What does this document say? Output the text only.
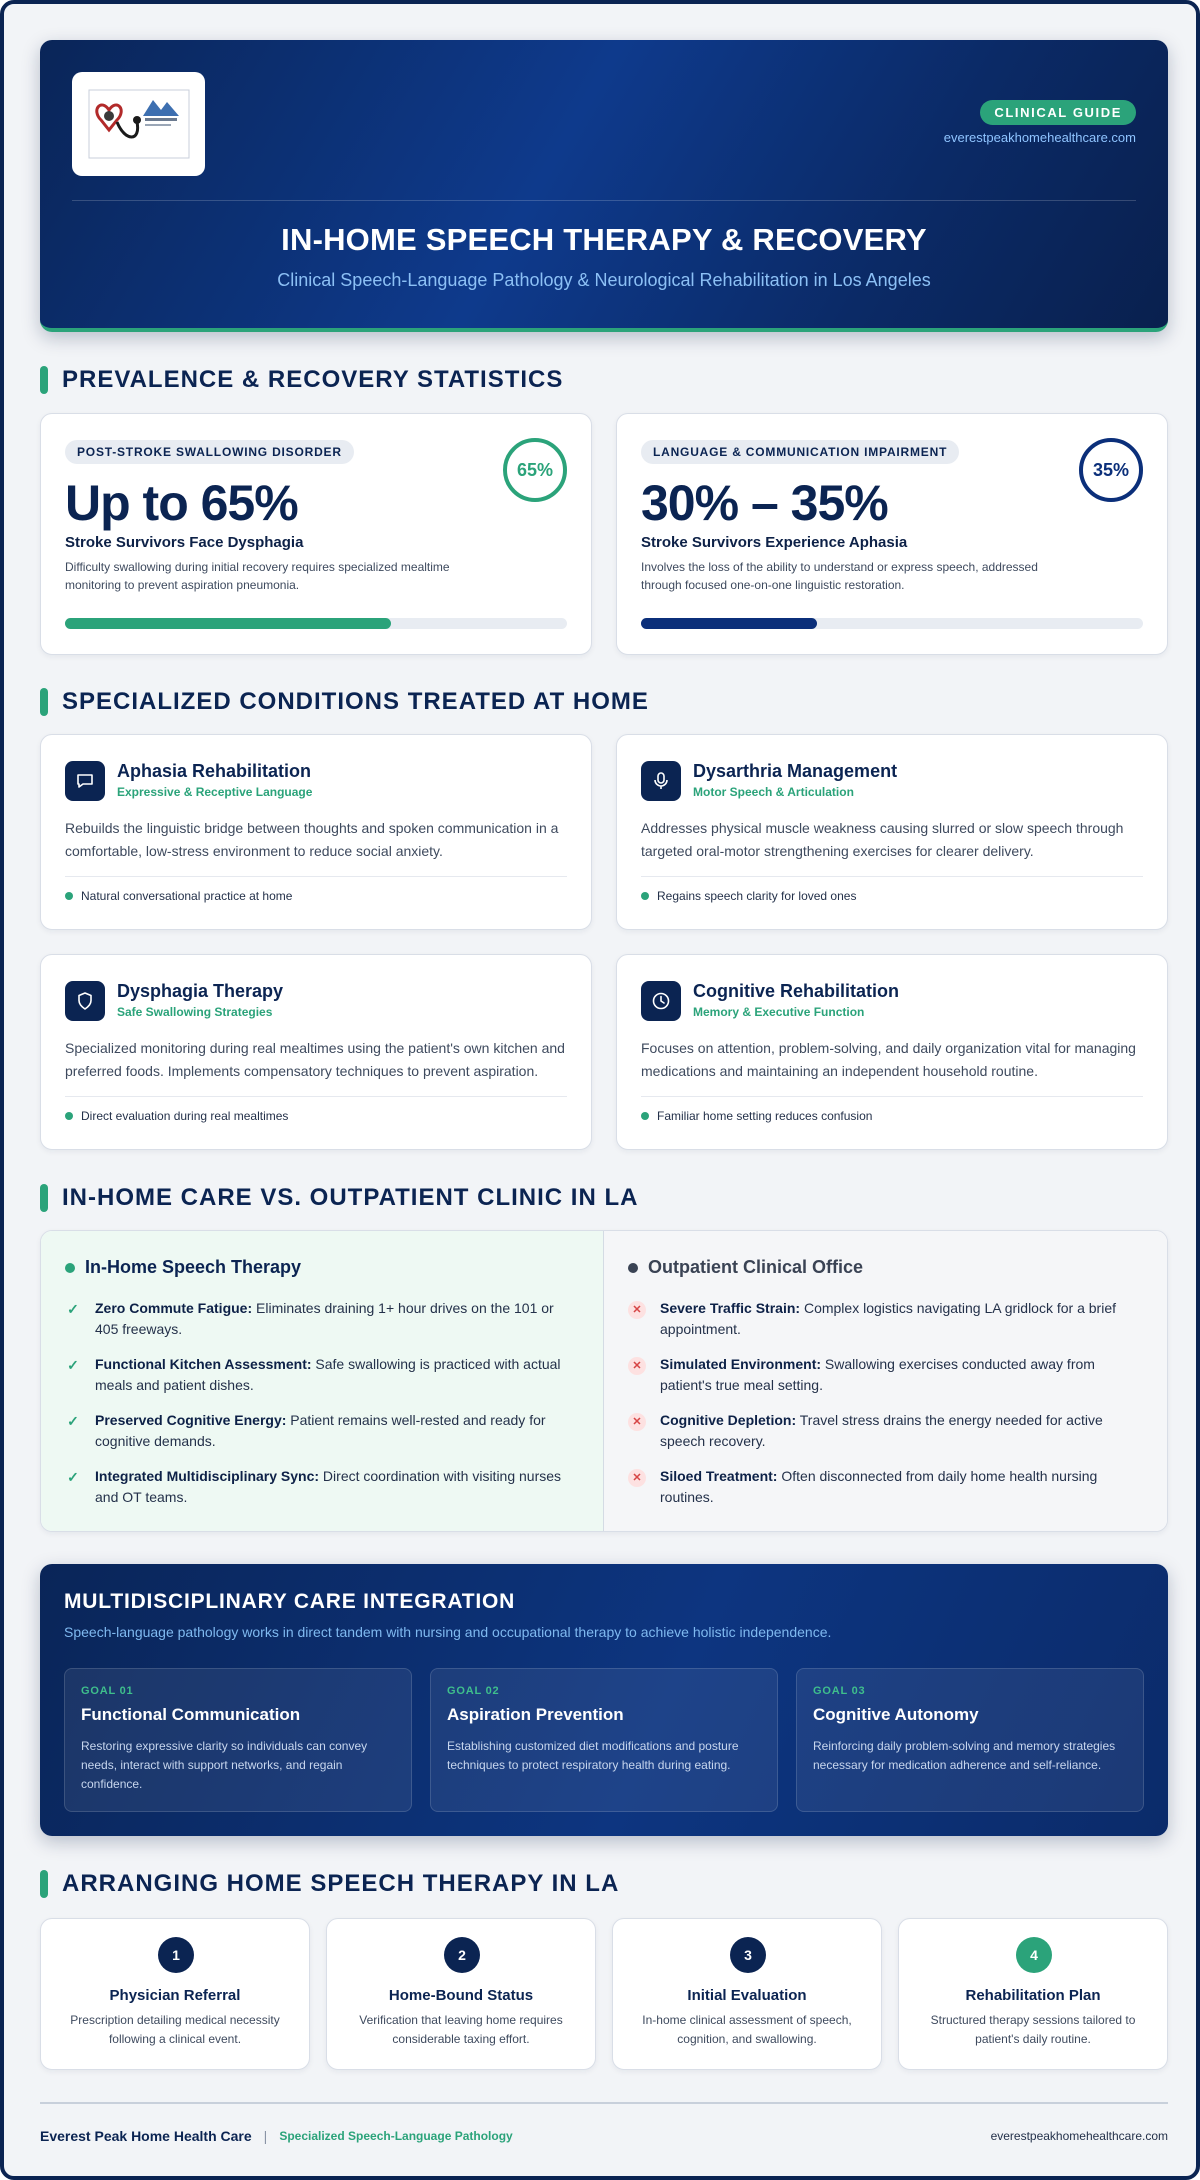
CLINICAL GUIDE
everestpeakhomehealthcare.com
IN-HOME SPEECH THERAPY & RECOVERY
Clinical Speech-Language Pathology & Neurological Rehabilitation in Los Angeles
PREVALENCE & RECOVERY STATISTICS
POST-STROKE SWALLOWING DISORDER
65%
Up to 65%
Stroke Survivors Face Dysphagia
Difficulty swallowing during initial recovery requires specialized mealtime monitoring to prevent aspiration pneumonia.
LANGUAGE & COMMUNICATION IMPAIRMENT
35%
30% – 35%
Stroke Survivors Experience Aphasia
Involves the loss of the ability to understand or express speech, addressed through focused one-on-one linguistic restoration.
SPECIALIZED CONDITIONS TREATED AT HOME
Aphasia Rehabilitation
Expressive & Receptive Language
Rebuilds the linguistic bridge between thoughts and spoken communication in a comfortable, low-stress environment to reduce social anxiety.
Natural conversational practice at home
Dysarthria Management
Motor Speech & Articulation
Addresses physical muscle weakness causing slurred or slow speech through targeted oral-motor strengthening exercises for clearer delivery.
Regains speech clarity for loved ones
Dysphagia Therapy
Safe Swallowing Strategies
Specialized monitoring during real mealtimes using the patient's own kitchen and preferred foods. Implements compensatory techniques to prevent aspiration.
Direct evaluation during real mealtimes
Cognitive Rehabilitation
Memory & Executive Function
Focuses on attention, problem-solving, and daily organization vital for managing medications and maintaining an independent household routine.
Familiar home setting reduces confusion
IN-HOME CARE VS. OUTPATIENT CLINIC IN LA
In-Home Speech Therapy
✓ Zero Commute Fatigue: Eliminates draining 1+ hour drives on the 101 or 405 freeways.
✓ Functional Kitchen Assessment: Safe swallowing is practiced with actual meals and patient dishes.
✓ Preserved Cognitive Energy: Patient remains well-rested and ready for cognitive demands.
✓ Integrated Multidisciplinary Sync: Direct coordination with visiting nurses and OT teams.
Outpatient Clinical Office
✕	Severe Traffic Strain: Complex logistics navigating LA gridlock for a brief appointment.
✕	Simulated Environment: Swallowing exercises conducted away from patient's true meal setting.
✕	Cognitive Depletion: Travel stress drains the energy needed for active speech recovery.
✕	Siloed Treatment: Often disconnected from daily home health nursing routines.
MULTIDISCIPLINARY CARE INTEGRATION
Speech-language pathology works in direct tandem with nursing and occupational therapy to achieve holistic independence.
GOAL 01
Functional Communication
Restoring expressive clarity so individuals can convey needs, interact with support networks, and regain confidence.
GOAL 02
Aspiration Prevention
Establishing customized diet modifications and posture techniques to protect respiratory health during eating.
GOAL 03
Cognitive Autonomy
Reinforcing daily problem-solving and memory strategies necessary for medication adherence and self-reliance.
ARRANGING HOME SPEECH THERAPY IN LA
1
Physician Referral
Prescription detailing medical necessity following a clinical event.
2
Home-Bound Status
Verification that leaving home requires considerable taxing effort.
3
Initial Evaluation
In-home clinical assessment of speech, cognition, and swallowing.
4
Rehabilitation Plan
Structured therapy sessions tailored to patient's daily routine.
Everest Peak Home Health Care | Specialized Speech-Language Pathology	everestpeakhomehealthcare.com
